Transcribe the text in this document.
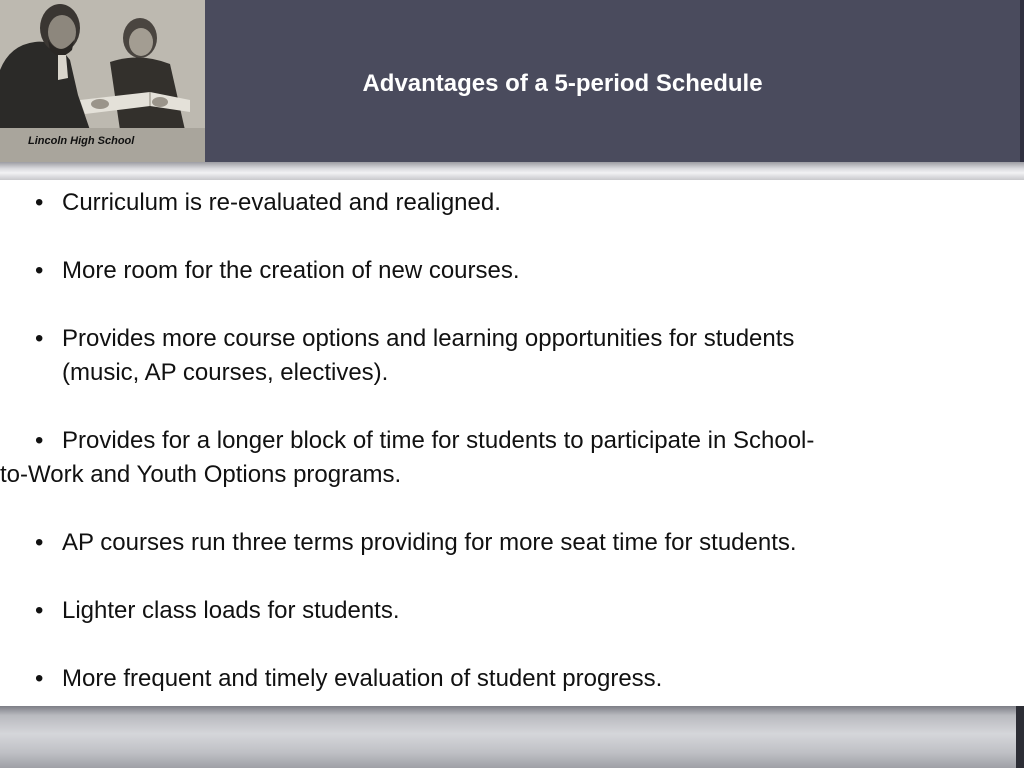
Lincoln High School
Advantages of a 5-period Schedule
• Curriculum is re-evaluated and realigned.
• More room for the creation of new courses.
• Provides more course options and learning opportunities for students
(music, AP courses, electives).
• Provides for a longer block of time for students to participate in School-
to-Work and Youth Options programs.
• AP courses run three terms providing for more seat time for students.
• Lighter class loads for students.
• More frequent and timely evaluation of student progress.
